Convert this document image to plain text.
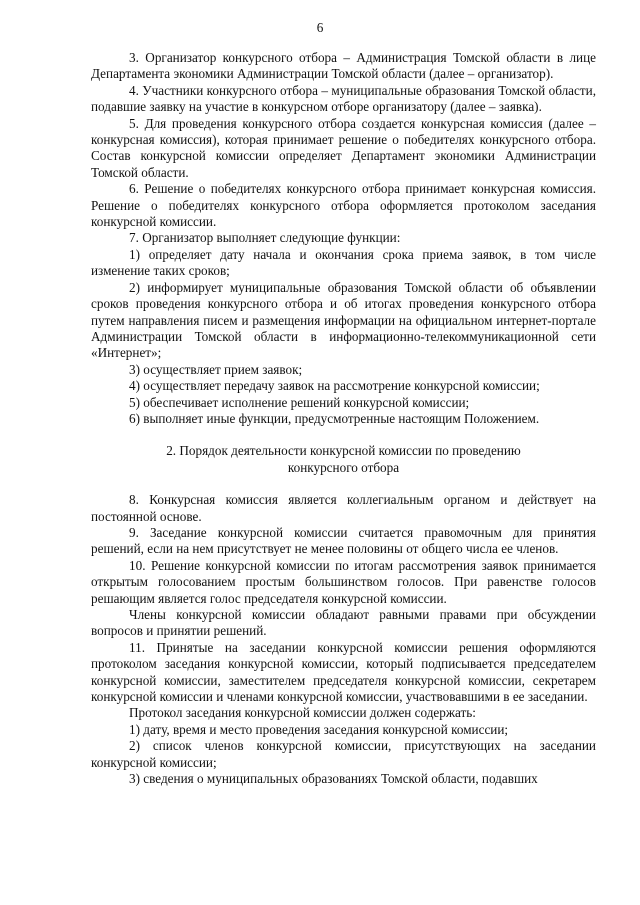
6

3. Организатор конкурсного отбора – Администрация Томской области в лице Департамента экономики Администрации Томской области (далее – организатор).

4. Участники конкурсного отбора – муниципальные образования Томской области, подавшие заявку на участие в конкурсном отборе организатору (далее – заявка).

5. Для проведения конкурсного отбора создается конкурсная комиссия (далее – конкурсная комиссия), которая принимает решение о победителях конкурсного отбора. Состав конкурсной комиссии определяет Департамент экономики Администрации Томской области.

6. Решение о победителях конкурсного отбора принимает конкурсная комиссия. Решение о победителях конкурсного отбора оформляется протоколом заседания конкурсной комиссии.

7. Организатор выполняет следующие функции:

1) определяет дату начала и окончания срока приема заявок, в том числе изменение таких сроков;

2) информирует муниципальные образования Томской области об объявлении сроков проведения конкурсного отбора и об итогах проведения конкурсного отбора путем направления писем и размещения информации на официальном интернет-портале Администрации Томской области в информационно-телекоммуникационной сети «Интернет»;

3) осуществляет прием заявок;

4) осуществляет передачу заявок на рассмотрение конкурсной комиссии;

5) обеспечивает исполнение решений конкурсной комиссии;

6) выполняет иные функции, предусмотренные настоящим Положением.

2. Порядок деятельности конкурсной комиссии по проведению

конкурсного отбора

8. Конкурсная комиссия является коллегиальным органом и действует на постоянной основе.

9. Заседание конкурсной комиссии считается правомочным для принятия решений, если на нем присутствует не менее половины от общего числа ее членов.

10. Решение конкурсной комиссии по итогам рассмотрения заявок принимается открытым голосованием простым большинством голосов. При равенстве голосов решающим является голос председателя конкурсной комиссии.

Члены конкурсной комиссии обладают равными правами при обсуждении вопросов и принятии решений.

11. Принятые на заседании конкурсной комиссии решения оформляются протоколом заседания конкурсной комиссии, который подписывается председателем конкурсной комиссии, заместителем председателя конкурсной комиссии, секретарем конкурсной комиссии и членами конкурсной комиссии, участвовавшими в ее заседании.

Протокол заседания конкурсной комиссии должен содержать:

1) дату, время и место проведения заседания конкурсной комиссии;

2) список членов конкурсной комиссии, присутствующих на заседании конкурсной комиссии;

3) сведения о муниципальных образованиях Томской области, подавших
